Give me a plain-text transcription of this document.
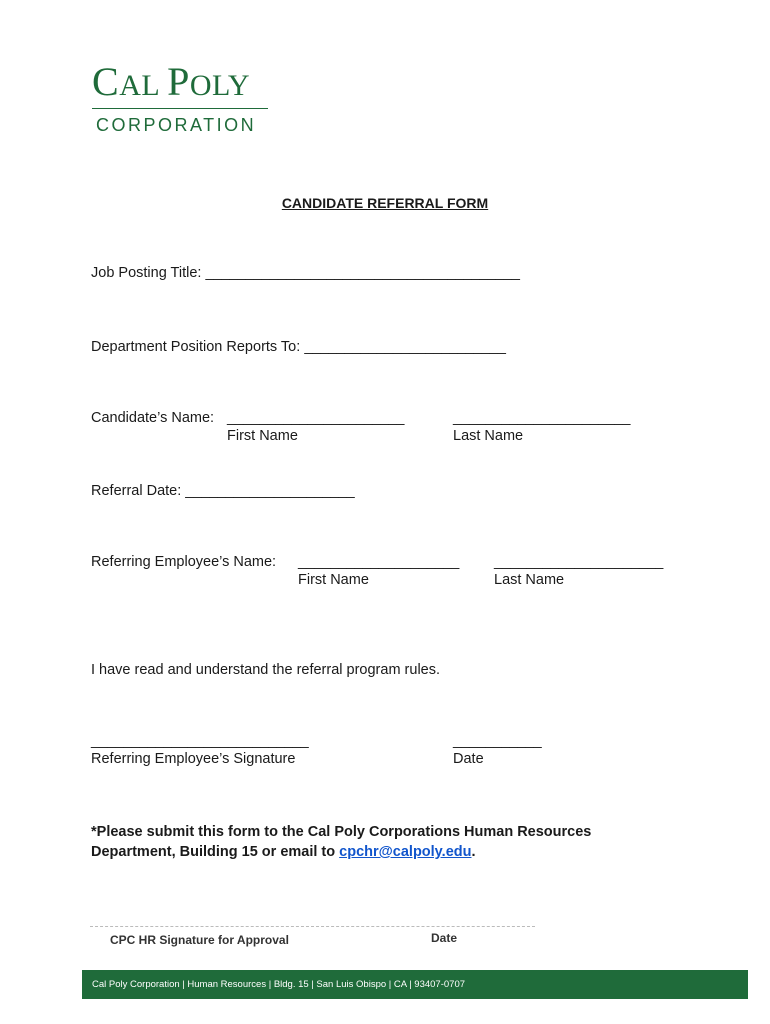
CAL POLY
CORPORATION
CANDIDATE REFERRAL FORM
Job Posting Title: _______________________________________
Department Position Reports To: _________________________
Candidate’s Name: ______________________	______________________
First Name	Last Name
Referral Date: _____________________
Referring Employee’s Name: ____________________ _____________________
First Name	Last Name
I have read and understand the referral program rules.
___________________________	___________
Referring Employee’s Signature	Date
*Please submit this form to the Cal Poly Corporations Human Resources
Department, Building 15 or email to cpchr@calpoly.edu.
CPC HR Signature for Approval	Date
Cal Poly Corporation | Human Resources | Bldg. 15 | San Luis Obispo | CA | 93407-0707
